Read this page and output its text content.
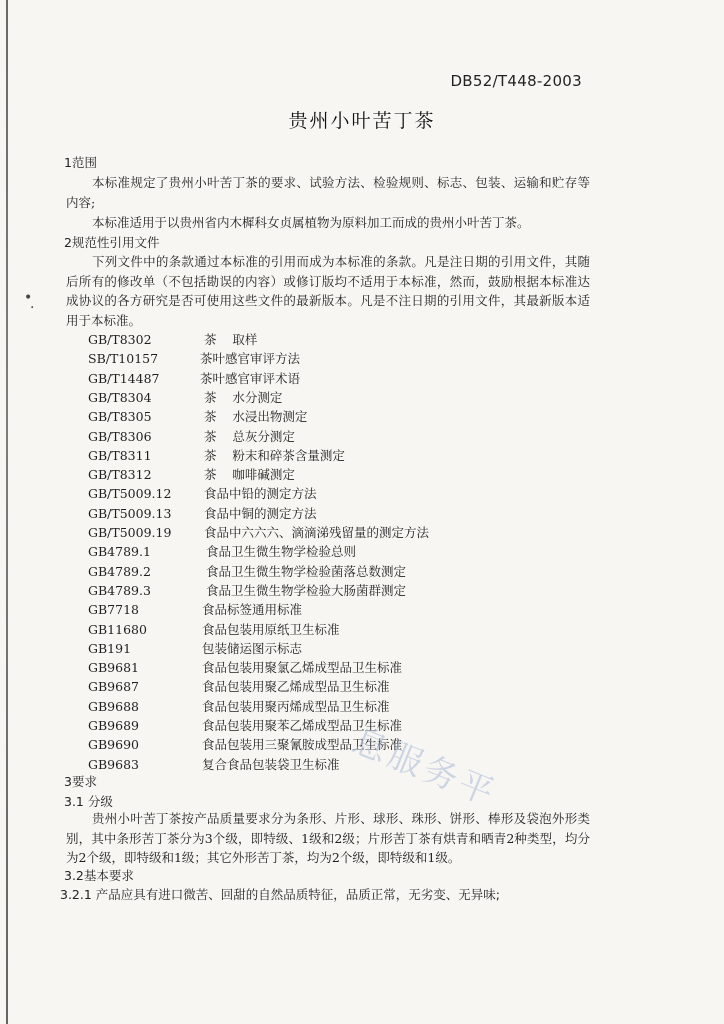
•
·
DB52/T448-2003
贵州小叶苦丁茶
1范围
本标准规定了贵州小叶苦丁茶的要求、试验方法、检验规则、标志、包装、运输和贮存等内容;
本标准适用于以贵州省内木樨科女贞属植物为原料加工而成的贵州小叶苦丁茶。
2规范性引用文件
下列文件中的条款通过本标准的引用而成为本标准的条款。凡是注日期的引用文件，其随后所有的修改单（不包括勘误的内容）或修订版均不适用于本标准，然而，鼓励根据本标准达成协议的各方研究是否可使用这些文件的最新版本。凡是不注日期的引用文件，其最新版本适用于本标准。
GB/T8302	茶    取样
SB/T10157	茶叶感官审评方法
GB/T14487	茶叶感官审评术语
GB/T8304	茶    水分测定
GB/T8305	茶    水浸出物测定
GB/T8306	茶    总灰分测定
GB/T8311	茶    粉末和碎茶含量测定
GB/T8312	茶    咖啡碱测定
GB/T5009.12	食品中铅的测定方法
GB/T5009.13	食品中铜的测定方法
GB/T5009.19	食品中六六六、滴滴涕残留量的测定方法
GB4789.1	食品卫生微生物学检验总则
GB4789.2	食品卫生微生物学检验菌落总数测定
GB4789.3	食品卫生微生物学检验大肠菌群测定
GB7718	食品标签通用标准
GB11680	食品包装用原纸卫生标准
GB191	包装储运图示标志
GB9681	食品包装用聚氯乙烯成型品卫生标准
GB9687	食品包装用聚乙烯成型品卫生标准
GB9688	食品包装用聚丙烯成型品卫生标准
GB9689	食品包装用聚苯乙烯成型品卫生标准
GB9690	食品包装用三聚氰胺成型品卫生标准
GB9683	复合食品包装袋卫生标准
3要求
3.1 分级
贵州小叶苦丁茶按产品质量要求分为条形、片形、球形、珠形、饼形、棒形及袋泡外形类别，其中条形苦丁茶分为3个级，即特级、1级和2级；片形苦丁茶有烘青和晒青2种类型，均分为2个级，即特级和1级；其它外形苦丁茶，均为2个级，即特级和1级。
3.2基本要求
3.2.1 产品应具有进口微苦、回甜的自然品质特征，品质正常，无劣变、无异味;
息服务平
